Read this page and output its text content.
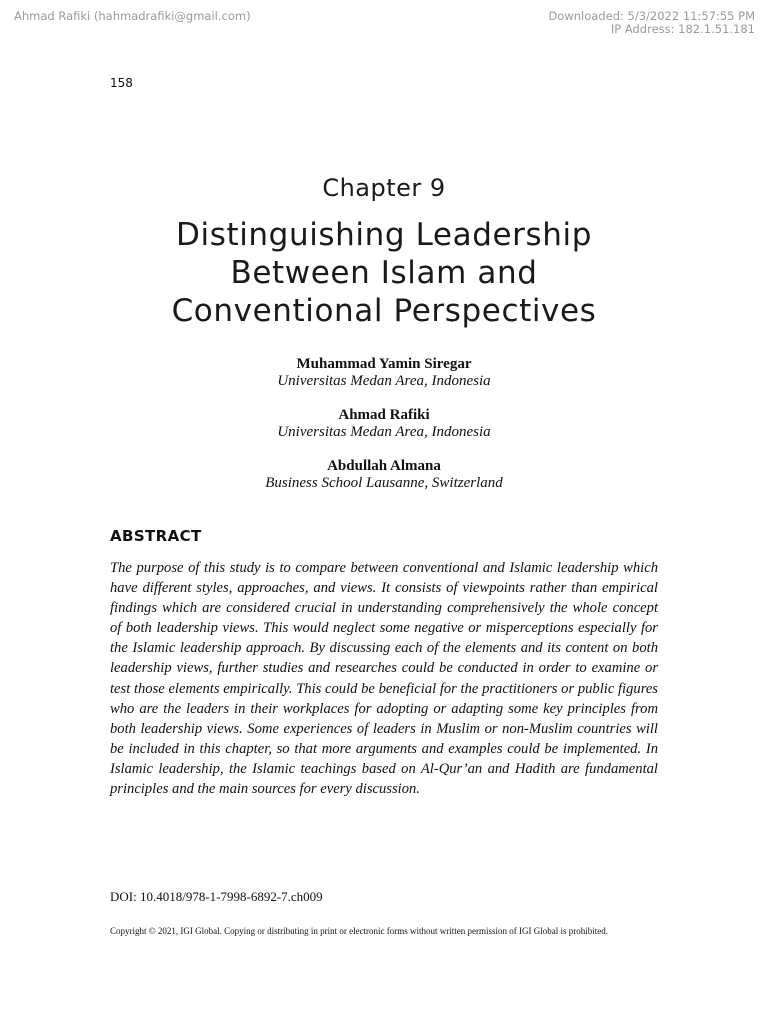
Ahmad Rafiki (hahmadrafiki@gmail.com)	Downloaded: 5/3/2022 11:57:55 PM
IP Address: 182.1.51.181
158
Chapter 9
Distinguishing Leadership
Between Islam and
Conventional Perspectives
Muhammad Yamin Siregar
Universitas Medan Area, Indonesia
Ahmad Rafiki
Universitas Medan Area, Indonesia
Abdullah Almana
Business School Lausanne, Switzerland
ABSTRACT

The purpose of this study is to compare between conventional and Islamic leadership which have different styles, approaches, and views. It consists of viewpoints rather than empirical findings which are considered crucial in understanding comprehensively the whole concept of both leadership views. This would neglect some negative or misperceptions especially for the Islamic leadership approach. By discussing each of the elements and its content on both leadership views, further studies and researches could be conducted in order to examine or test those elements empirically. This could be beneficial for the practitioners or public figures who are the leaders in their workplaces for adopting or adapting some key principles from both leadership views. Some experiences of leaders in Muslim or non-Muslim countries will be included in this chapter, so that more arguments and examples could be implemented. In Islamic leadership, the Islamic teachings based on Al-Qur’an and Hadith are fundamental principles and the main sources for every discussion.

DOI: 10.4018/978-1-7998-6892-7.ch009
Copyright © 2021, IGI Global. Copying or distributing in print or electronic forms without written permission of IGI Global is prohibited.
